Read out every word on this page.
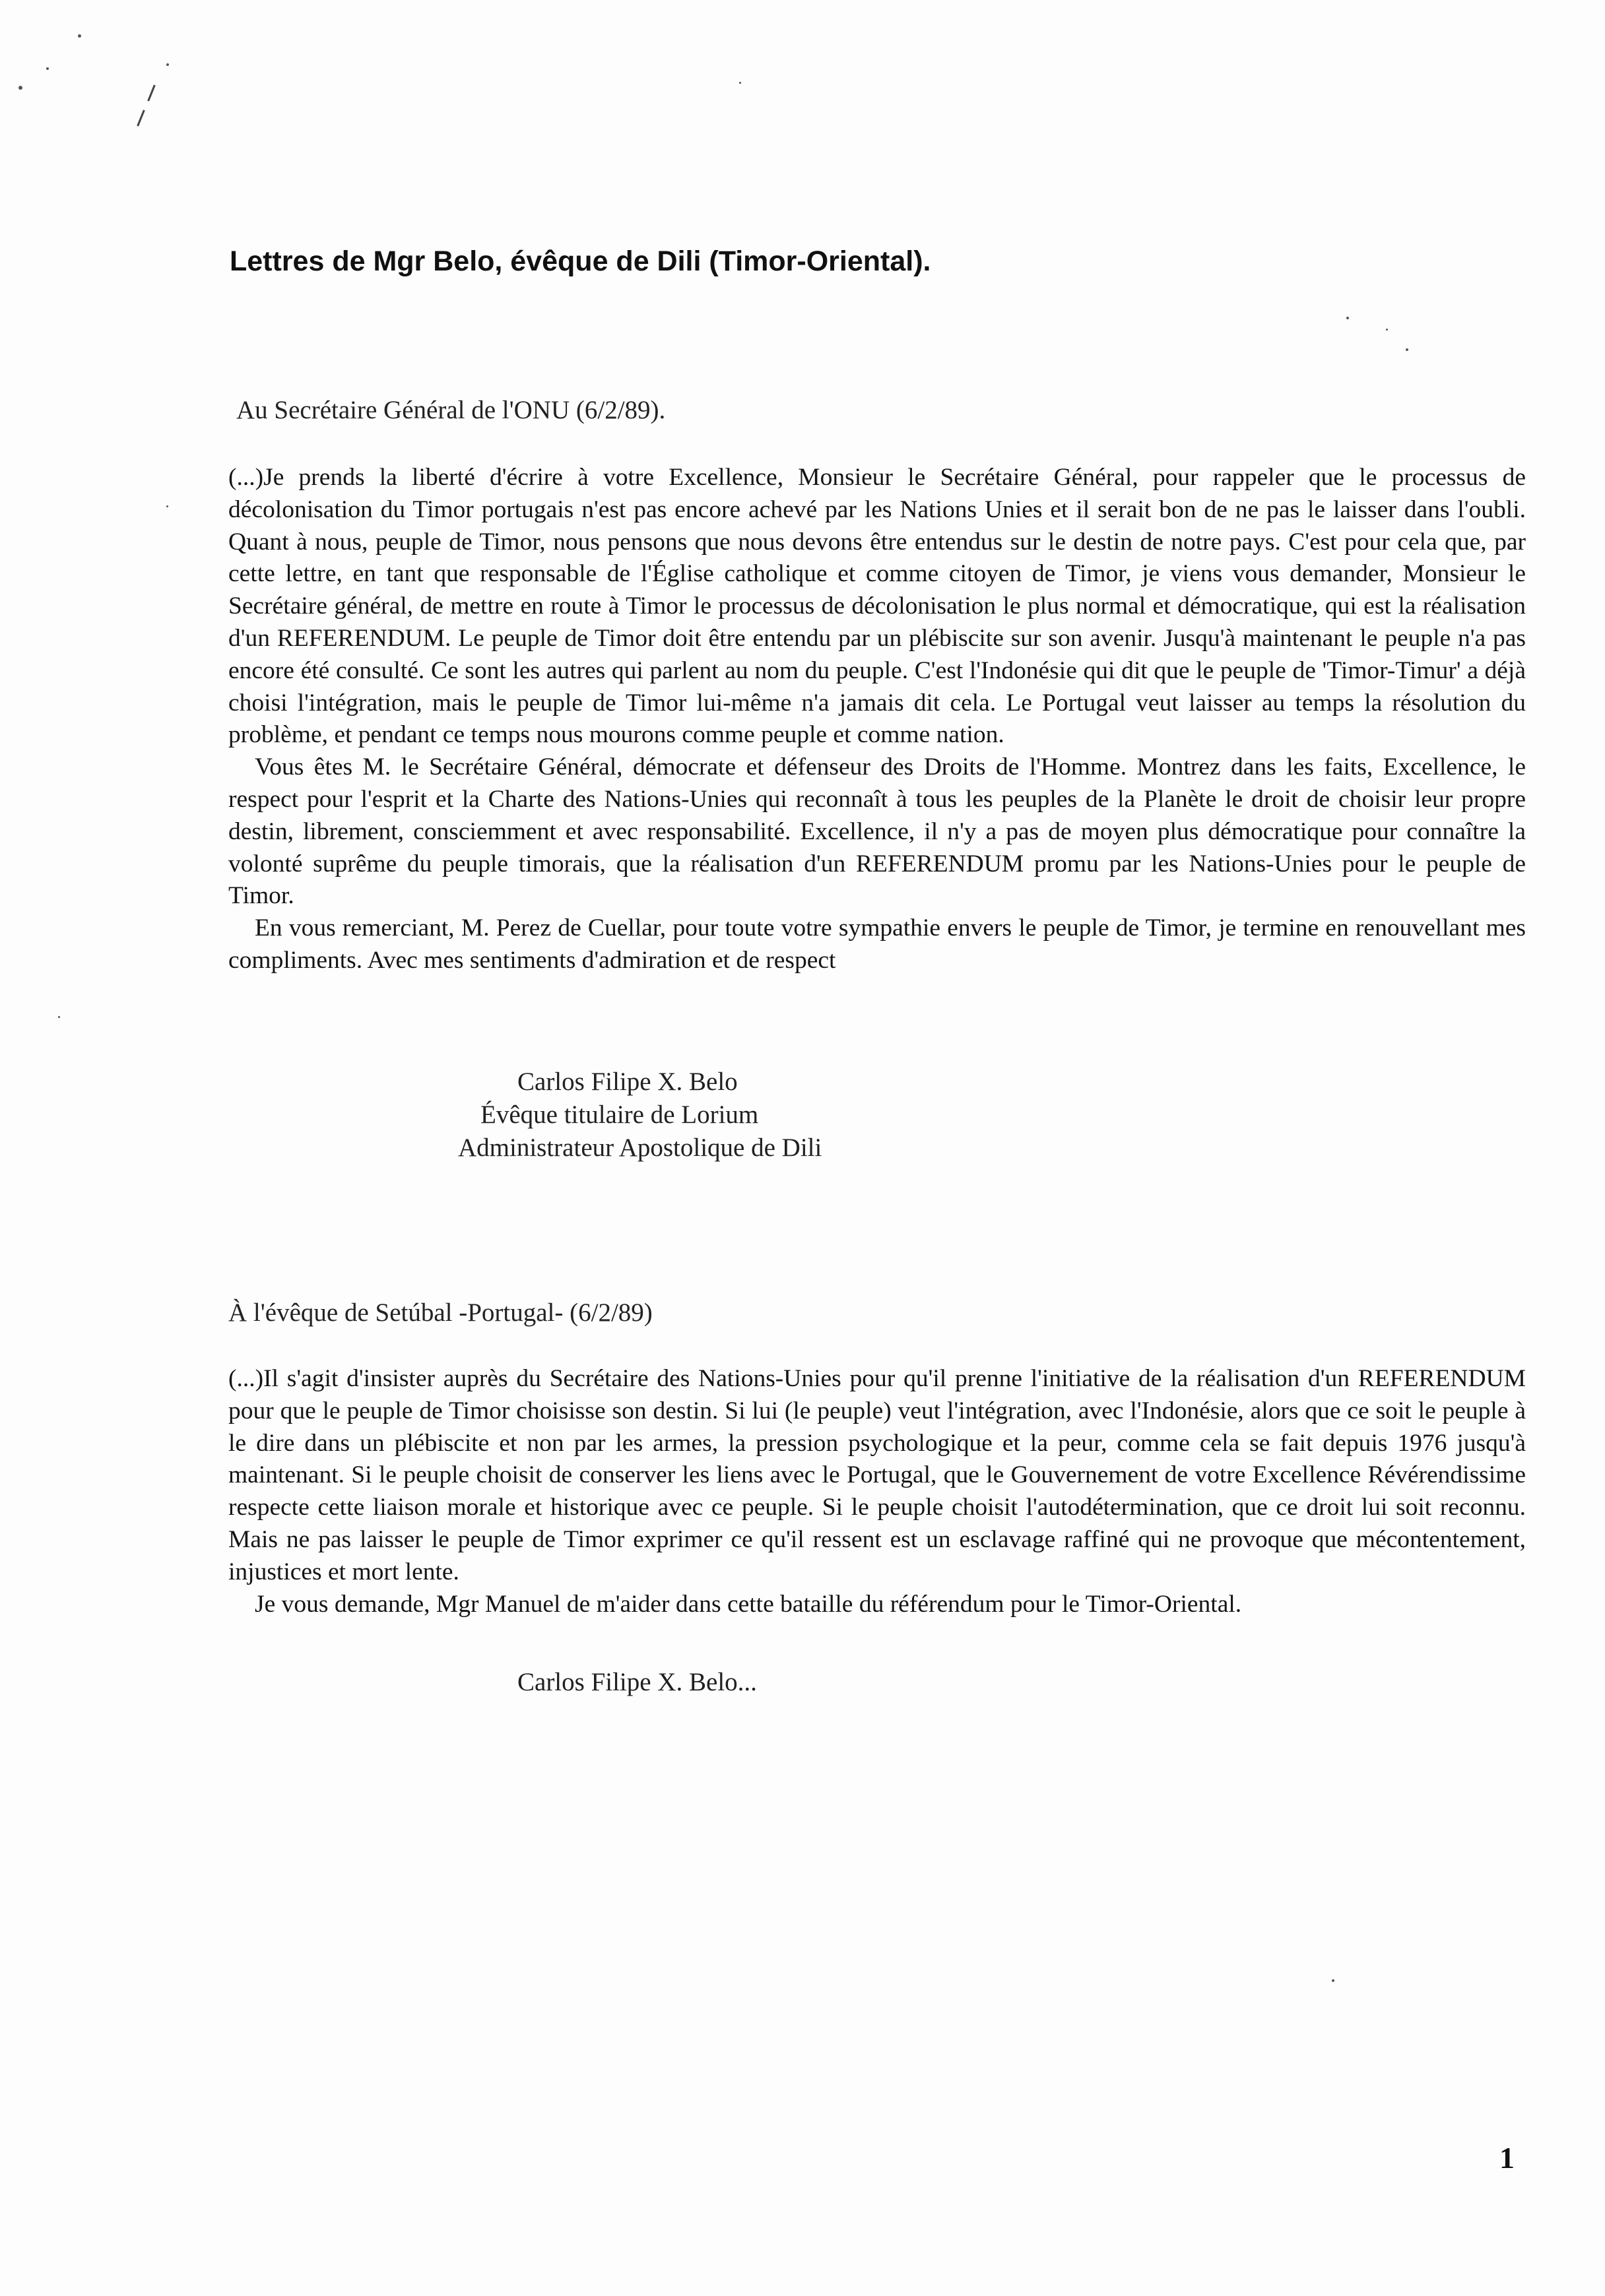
Lettres de Mgr Belo, évêque de Dili (Timor-Oriental).
Au Secrétaire Général de l'ONU (6/2/89).

(...)Je prends la liberté d'écrire à votre Excellence, Monsieur le Secrétaire Général, pour rappeler que le processus de décolonisation du Timor portugais n'est pas encore achevé par les Nations Unies et il serait bon de ne pas le laisser dans l'oubli. Quant à nous, peuple de Timor, nous pensons que nous devons être entendus sur le destin de notre pays. C'est pour cela que, par cette lettre, en tant que responsable de l'Église catholique et comme citoyen de Timor, je viens vous demander, Monsieur le Secrétaire général, de mettre en route à Timor le processus de décolonisation le plus normal et démocratique, qui est la réalisation d'un REFERENDUM. Le peuple de Timor doit être entendu par un plébiscite sur son avenir. Jusqu'à maintenant le peuple n'a pas encore été consulté. Ce sont les autres qui parlent au nom du peuple. C'est l'Indonésie qui dit que le peuple de 'Timor-Timur' a déjà choisi l'intégration, mais le peuple de Timor lui-même n'a jamais dit cela. Le Portugal veut laisser au temps la résolution du problème, et pendant ce temps nous mourons comme peuple et comme nation.

Vous êtes M. le Secrétaire Général, démocrate et défenseur des Droits de l'Homme. Montrez dans les faits, Excellence, le respect pour l'esprit et la Charte des Nations-Unies qui reconnaît à tous les peuples de la Planète le droit de choisir leur propre destin, librement, consciemment et avec responsabilité. Excellence, il n'y a pas de moyen plus démocratique pour connaître la volonté suprême du peuple timorais, que la réalisation d'un REFERENDUM promu par les Nations-Unies pour le peuple de Timor.

En vous remerciant, M. Perez de Cuellar, pour toute votre sympathie envers le peuple de Timor, je termine en renouvellant mes compliments. Avec mes sentiments d'admiration et de respect

Carlos Filipe X. Belo
Évêque titulaire de Lorium
Administrateur Apostolique de Dili
À l'évêque de Setúbal -Portugal- (6/2/89)

(...)Il s'agit d'insister auprès du Secrétaire des Nations-Unies pour qu'il prenne l'initiative de la réalisation d'un REFERENDUM pour que le peuple de Timor choisisse son destin. Si lui (le peuple) veut l'intégration, avec l'Indonésie, alors que ce soit le peuple à le dire dans un plébiscite et non par les armes, la pression psychologique et la peur, comme cela se fait depuis 1976 jusqu'à maintenant. Si le peuple choisit de conserver les liens avec le Portugal, que le Gouvernement de votre Excellence Révérendissime respecte cette liaison morale et historique avec ce peuple. Si le peuple choisit l'autodétermination, que ce droit lui soit reconnu. Mais ne pas laisser le peuple de Timor exprimer ce qu'il ressent est un esclavage raffiné qui ne provoque que mécontentement, injustices et mort lente.

Je vous demande, Mgr Manuel de m'aider dans cette bataille du référendum pour le Timor-Oriental.

Carlos Filipe X. Belo...
1
